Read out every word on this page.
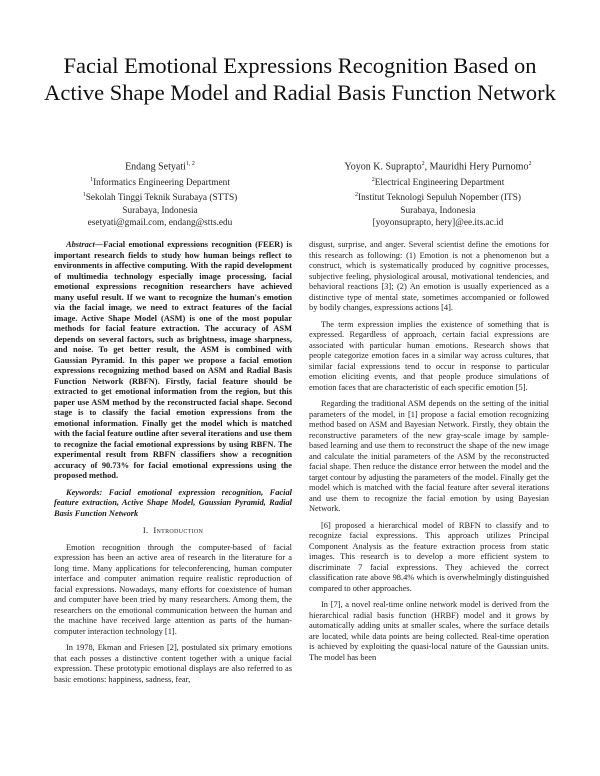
Facial Emotional Expressions Recognition Based on Active Shape Model and Radial Basis Function Network
Endang Setyati$^{1, 2}$
$^1$Informatics Engineering Department
$^1$Sekolah Tinggi Teknik Surabaya (STTS)
Surabaya, Indonesia
esetyati@gmail.com, endang@stts.edu
Yoyon K. Suprapto$^2$, Mauridhi Hery Purnomo$^2$
$^2$Electrical Engineering Department
$^2$Institut Teknologi Sepuluh Nopember (ITS)
Surabaya, Indonesia
[yoyonsuprapto, hery]@ee.its.ac.id

Abstract—Facial emotional expressions recognition (FEER) is important research fields to study how human beings reflect to environments in affective computing. With the rapid development of multimedia technology especially image processing, facial emotional expressions recognition researchers have achieved many useful result. If we want to recognize the human's emotion via the facial image, we need to extract features of the facial image. Active Shape Model (ASM) is one of the most popular methods for facial feature extraction. The accuracy of ASM depends on several factors, such as brightness, image sharpness, and noise. To get better result, the ASM is combined with Gaussian Pyramid. In this paper we propose a facial emotion expressions recognizing method based on ASM and Radial Basis Function Network (RBFN). Firstly, facial feature should be extracted to get emotional information from the region, but this paper use ASM method by the reconstructed facial shape. Second stage is to classify the facial emotion expressions from the emotional information. Finally get the model which is matched with the facial feature outline after several iterations and use them to recognize the facial emotional expressions by using RBFN. The experimental result from RBFN classifiers show a recognition accuracy of 90.73% for facial emotional expressions using the proposed method.

Keywords: Facial emotional expression recognition, Facial feature extraction, Active Shape Model, Gaussian Pyramid, Radial Basis Function Network

I. Introduction

Emotion recognition through the computer-based of facial expression has been an active area of research in the literature for a long time. Many applications for teleconferencing, human computer interface and computer animation require realistic reproduction of facial expressions. Nowadays, many efforts for coexistence of human and computer have been tried by many researchers. Among them, the researchers on the emotional communication between the human and the machine have received large attention as parts of the human-computer interaction technology [1].

In 1978, Ekman and Friesen [2], postulated six primary emotions that each posses a distinctive content together with a unique facial expression. These prototypic emotional displays are also referred to as basic emotions: happiness, sadness, fear,

disgust, surprise, and anger. Several scientist define the emotions for this research as following: (1) Emotion is not a phenomenon but a construct, which is systematically produced by cognitive processes, subjective feeling, physiological arousal, motivational tendencies, and behavioral reactions [3]; (2) An emotion is usually experienced as a distinctive type of mental state, sometimes accompanied or followed by bodily changes, expressions actions [4].

The term expression implies the existence of something that is expressed. Regardless of approach, certain facial expressions are associated with particular human emotions. Research shows that people categorize emotion faces in a similar way across cultures, that similar facial expressions tend to occur in response to particular emotion eliciting events, and that people produce simulations of emotion faces that are characteristic of each specific emotion [5].

Regarding the traditional ASM depends on the setting of the initial parameters of the model, in [1] propose a facial emotion recognizing method based on ASM and Bayesian Network. Firstly, they obtain the reconstructive parameters of the new gray-scale image by sample-based learning and use them to reconstruct the shape of the new image and calculate the initial parameters of the ASM by the reconstructed facial shape. Then reduce the distance error between the model and the target contour by adjusting the parameters of the model. Finally get the model which is matched with the facial feature after several iterations and use them to recognize the facial emotion by using Bayesian Network.

[6] proposed a hierarchical model of RBFN to classify and to recognize facial expressions. This approach utilizes Principal Component Analysis as the feature extraction process from static images. This research is to develop a more efficient system to discriminate 7 facial expressions. They achieved the correct classification rate above 98.4% which is overwhelmingly distinguished compared to other approaches.

In [7], a novel real-time online network model is derived from the hierarchical radial basis function (HRBF) model and it grows by automatically adding units at smaller scales, where the surface details are located, while data points are being collected. Real-time operation is achieved by exploiting the quasi-local nature of the Gaussian units. The model has been
